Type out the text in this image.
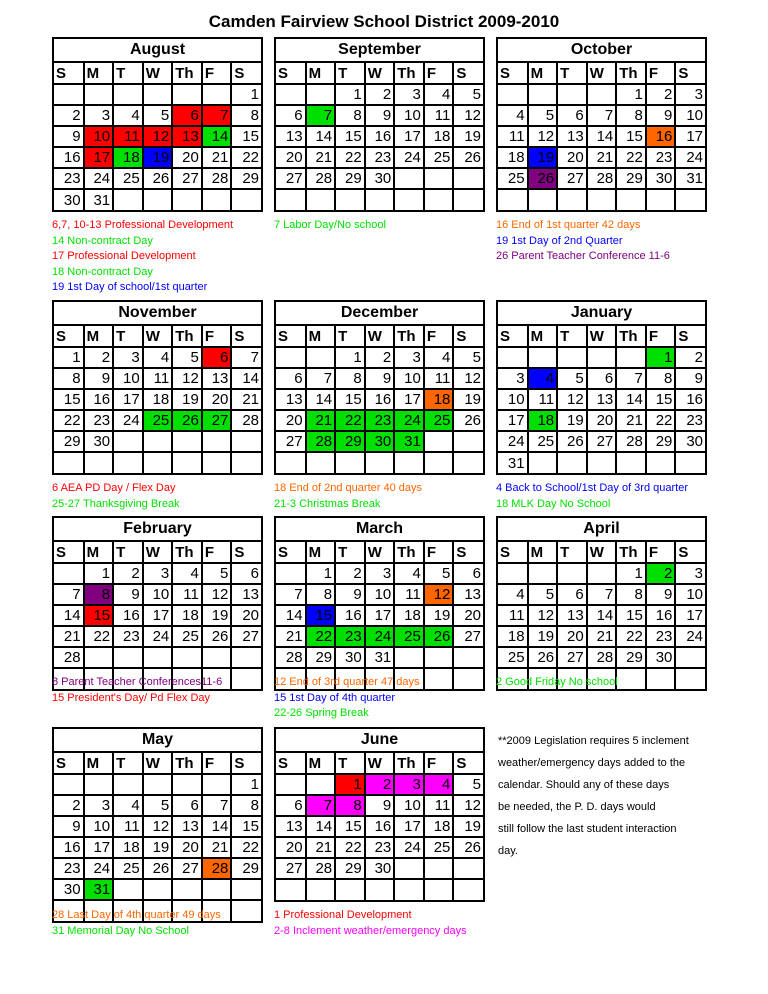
Camden Fairview School District 2009-2010
August
S	M	T	W	Th	F	S
						1
2	3	4	5	6	7	8
9	10	11	12	13	14	15
16	17	18	19	20	21	22
23	24	25	26	27	28	29
30	31					
6,7, 10-13 Professional Development
14 Non-contract Day
17 Professional Development
18 Non-contract Day
19 1st Day of school/1st quarter
September
S	M	T	W	Th	F	S
		1	2	3	4	5
6	7	8	9	10	11	12
13	14	15	16	17	18	19
20	21	22	23	24	25	26
27	28	29	30			

7 Labor Day/No school
October
S	M	T	W	Th	F	S
				1	2	3
4	5	6	7	8	9	10
11	12	13	14	15	16	17
18	19	20	21	22	23	24
25	26	27	28	29	30	31

16 End of 1st quarter 42 days
19 1st Day of 2nd Quarter
26 Parent Teacher Conference 11-6
November
S	M	T	W	Th	F	S
1	2	3	4	5	6	7
8	9	10	11	12	13	14
15	16	17	18	19	20	21
22	23	24	25	26	27	28
29	30					

6 AEA PD Day / Flex Day
25-27 Thanksgiving Break
December
S	M	T	W	Th	F	S
		1	2	3	4	5
6	7	8	9	10	11	12
13	14	15	16	17	18	19
20	21	22	23	24	25	26
27	28	29	30	31		

18 End of 2nd quarter 40 days
21-3 Christmas Break
January
S	M	T	W	Th	F	S
					1	2
3	4	5	6	7	8	9
10	11	12	13	14	15	16
17	18	19	20	21	22	23
24	25	26	27	28	29	30
31						
4 Back to School/1st Day of 3rd quarter
18 MLK Day No School
February
S	M	T	W	Th	F	S
	1	2	3	4	5	6
7	8	9	10	11	12	13
14	15	16	17	18	19	20
21	22	23	24	25	26	27
28						

8 Parent Teacher Conferences11-6
15 President's Day/ Pd Flex Day
March
S	M	T	W	Th	F	S
	1	2	3	4	5	6
7	8	9	10	11	12	13
14	15	16	17	18	19	20
21	22	23	24	25	26	27
28	29	30	31			

12 End of 3rd quarter 47 days
15 1st Day of 4th quarter
22-26 Spring Break
April
S	M	T	W	Th	F	S
				1	2	3
4	5	6	7	8	9	10
11	12	13	14	15	16	17
18	19	20	21	22	23	24
25	26	27	28	29	30	

2 Good Friday No school
May
S	M	T	W	Th	F	S
						1
2	3	4	5	6	7	8
9	10	11	12	13	14	15
16	17	18	19	20	21	22
23	24	25	26	27	28	29
30	31					

28 Last Day of 4th quarter 49 days
31 Memorial Day No School
June
S	M	T	W	Th	F	S
		1	2	3	4	5
6	7	8	9	10	11	12
13	14	15	16	17	18	19
20	21	22	23	24	25	26
27	28	29	30			

1 Professional Development
2-8 Inclement weather/emergency days
**2009 Legislation requires 5 inclement
weather/emergency days added to the
calendar. Should any of these days
be needed, the P. D. days would
still follow the last student interaction
day.
